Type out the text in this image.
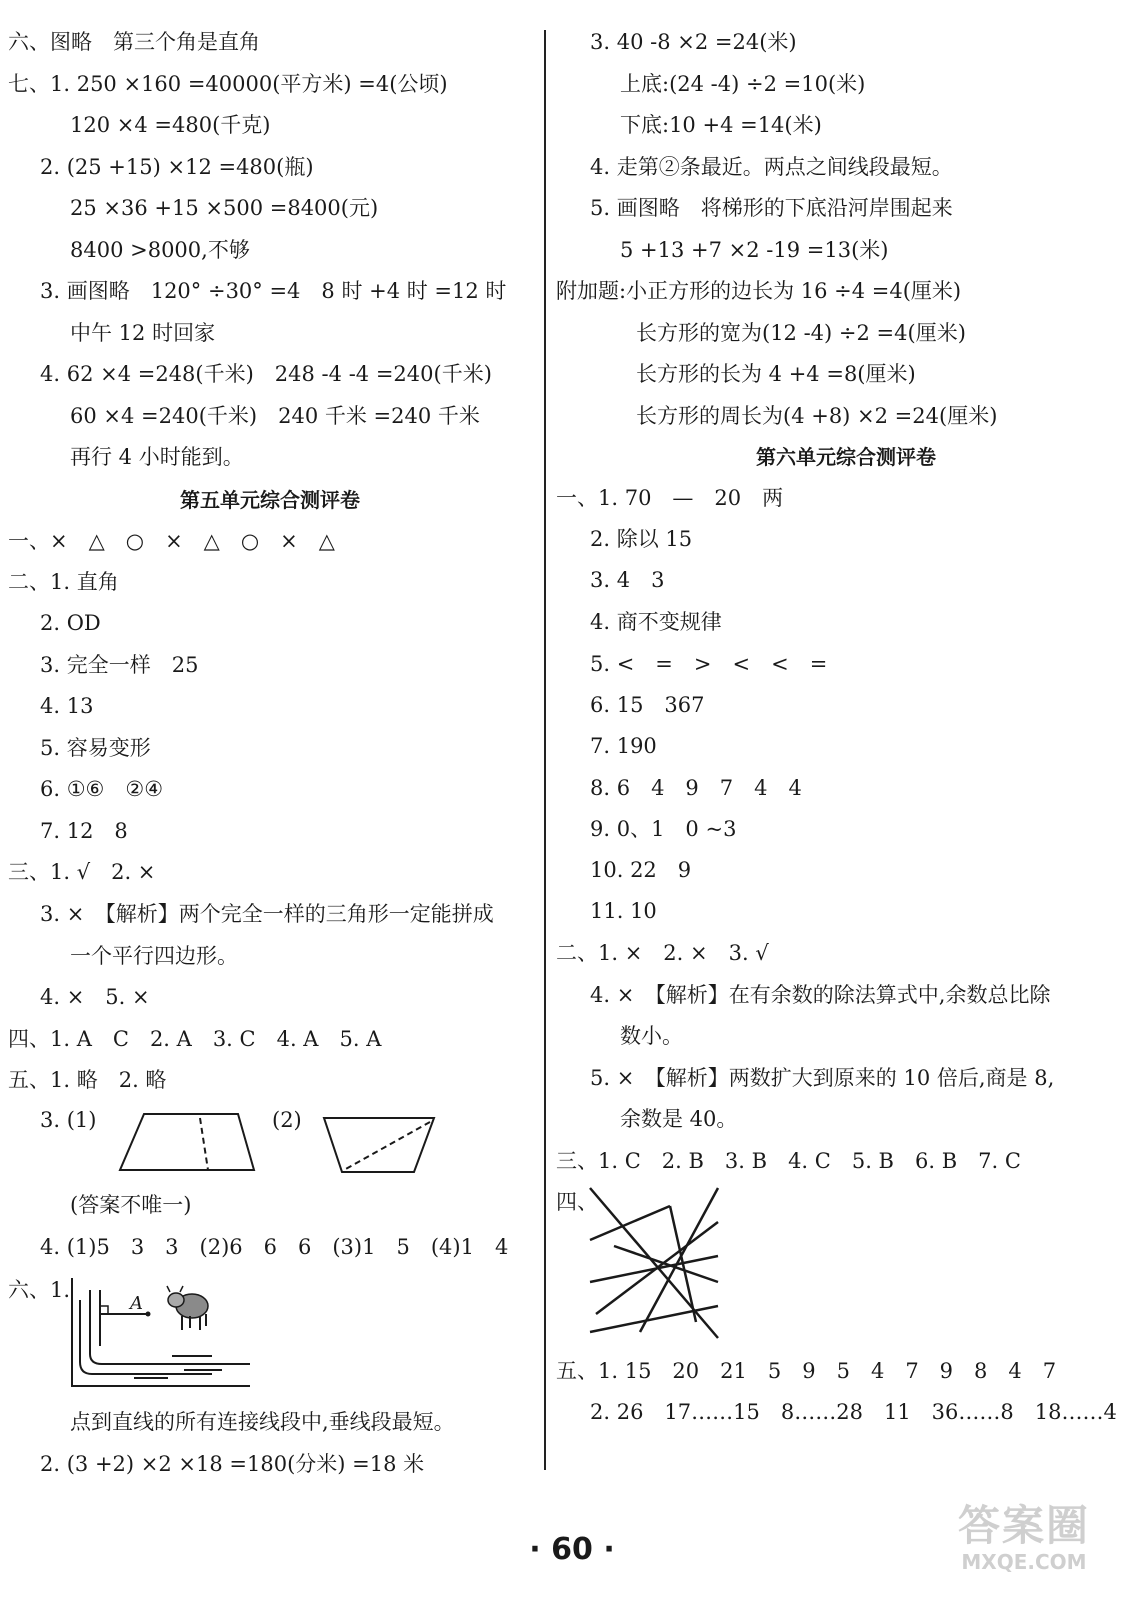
六、图略　第三个角是直角
七、1. 250 ×160 =40000(平方米) =4(公顷)
120 ×4 =480(千克)
2. (25 +15) ×12 =480(瓶)
25 ×36 +15 ×500 =8400(元)
8400 >8000,不够
3. 画图略　120° ÷30° =4　8 时 +4 时 =12 时
中午 12 时回家
4. 62 ×4 =248(千米)　248 -4 -4 =240(千米)
60 ×4 =240(千米)　240 千米 =240 千米
再行 4 小时能到。
第五单元综合测评卷
一、×　△　○　×　△　○　×　△
二、1. 直角
2. OD
3. 完全一样　25
4. 13
5. 容易变形
6. ①⑥　②④
7. 12　8
三、1. √　2. ×
3. ×　【解析】两个完全一样的三角形一定能拼成
一个平行四边形。
4. ×　5. ×
四、1. A　C　2. A　3. C　4. A　5. A
五、1. 略　2. 略
3. (1)	(2)
(答案不唯一)
4. (1)5　3　3　(2)6　6　6　(3)1　5　(4)1　4
六、1.
A
点到直线的所有连接线段中,垂线段最短。
2. (3 +2) ×2 ×18 =180(分米) =18 米
3. 40 -8 ×2 =24(米)
上底:(24 -4) ÷2 =10(米)
下底:10 +4 =14(米)
4. 走第②条最近。两点之间线段最短。
5. 画图略　将梯形的下底沿河岸围起来
5 +13 +7 ×2 -19 =13(米)
附加题:小正方形的边长为 16 ÷4 =4(厘米)
长方形的宽为(12 -4) ÷2 =4(厘米)
长方形的长为 4 +4 =8(厘米)
长方形的周长为(4 +8) ×2 =24(厘米)
第六单元综合测评卷
一、1. 70　—　20　两
2. 除以 15
3. 4　3
4. 商不变规律
5. <　=　>　<　<　=
6. 15　367
7. 190
8. 6　4　9　7　4　4
9. 0、1　0 ~3
10. 22　9
11. 10
二、1. ×　2. ×　3. √
4. ×　【解析】在有余数的除法算式中,余数总比除
数小。
5. ×　【解析】两数扩大到原来的 10 倍后,商是 8,
余数是 40。
三、1. C　2. B　3. B　4. C　5. B　6. B　7. C
四、
五、1. 15　20　21　5　9　5　4　7　9　8　4　7
2. 26　17……15　8……28　11　36……8　18……4
· 60 ·	答案圈
MXQE.COM
